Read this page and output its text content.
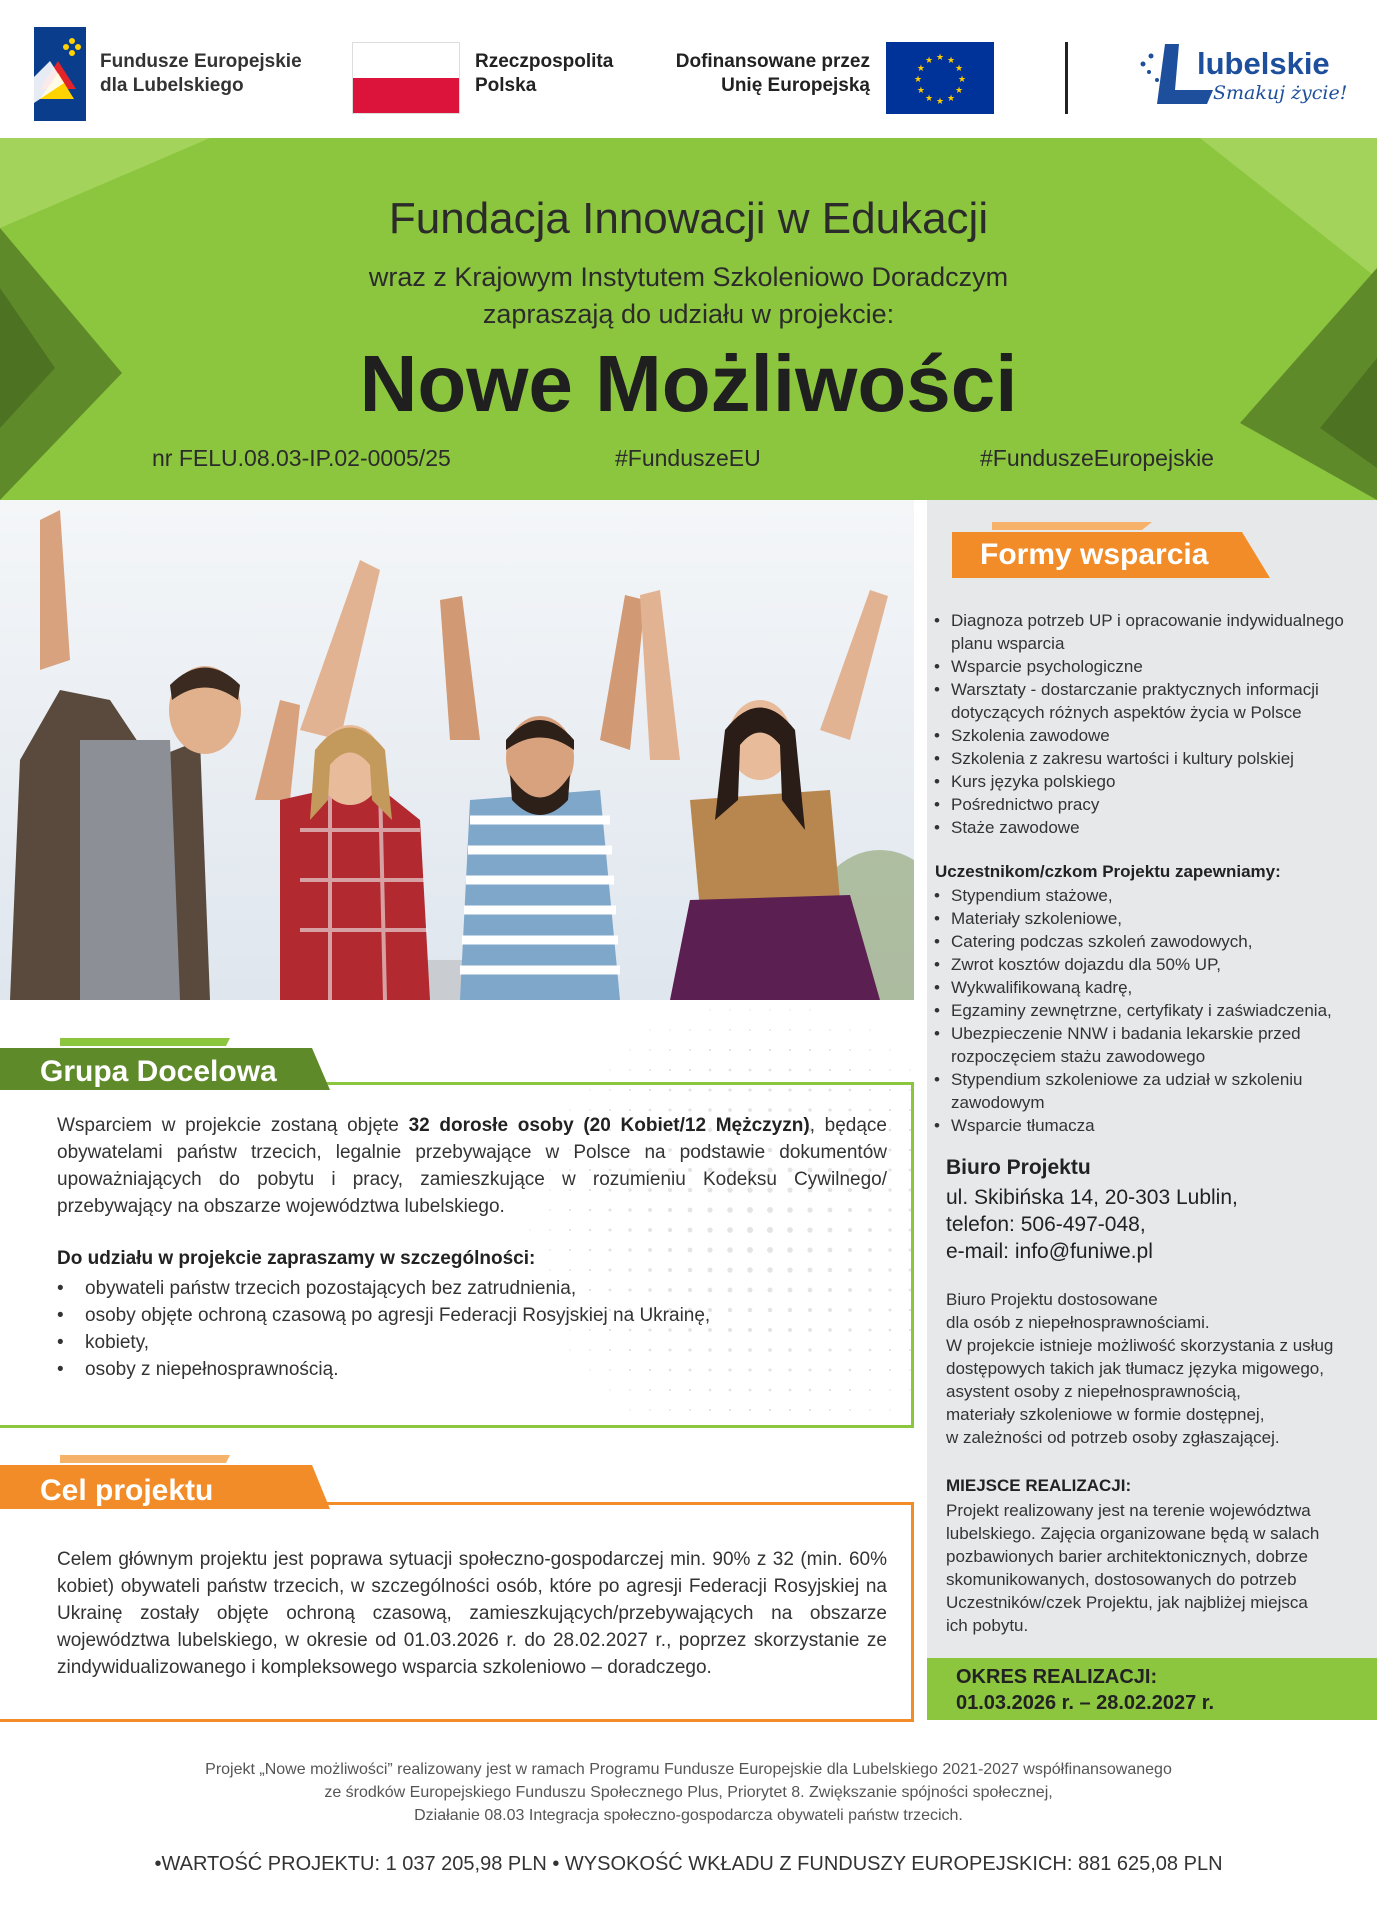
Fundusze Europejskie
dla Lubelskiego
Rzeczpospolita
Polska
Dofinansowane przez
Unię Europejską
★ ★
★
★
★
★
★
★
★
★
★
★	lubelskie
Smakuj życie!
Fundacja Innowacji w Edukacji
wraz z Krajowym Instytutem Szkoleniowo Doradczym
zapraszają do udziału w projekcie:
Nowe Możliwości
nr FELU.08.03-IP.02-0005/25	#FunduszeEU	#FunduszeEuropejskie
Formy wsparcia
• Diagnoza potrzeb UP i opracowanie indywidualnego planu wsparcia
• Wsparcie psychologiczne
• Warsztaty - dostarczanie praktycznych informacji dotyczących różnych aspektów życia w Polsce
• Szkolenia zawodowe
• Szkolenia z zakresu wartości i kultury polskiej
• Kurs języka polskiego
• Pośrednictwo pracy
• Staże zawodowe
Uczestnikom/czkom Projektu zapewniamy:
• Stypendium stażowe,
• Materiały szkoleniowe,
• Catering podczas szkoleń zawodowych,
• Zwrot kosztów dojazdu dla 50% UP,
• Wykwalifikowaną kadrę,
• Egzaminy zewnętrzne, certyfikaty i zaświadczenia,
• Ubezpieczenie NNW i badania lekarskie przed rozpoczęciem stażu zawodowego
• Stypendium szkoleniowe za udział w szkoleniu zawodowym
• Wsparcie tłumacza
Biuro Projektu
ul. Skibińska 14, 20-303 Lublin,
telefon: 506-497-048,
e-mail: info@funiwe.pl
Biuro Projektu dostosowane
dla osób z niepełnosprawnościami.
W projekcie istnieje możliwość skorzystania z usług
dostępowych takich jak tłumacz języka migowego,
asystent osoby z niepełnosprawnością,
materiały szkoleniowe w formie dostępnej,
w zależności od potrzeb osoby zgłaszającej.
MIEJSCE REALIZACJI:
Projekt realizowany jest na terenie województwa
lubelskiego. Zajęcia organizowane będą w salach
pozbawionych barier architektonicznych, dobrze
skomunikowanych, dostosowanych do potrzeb
Uczestników/czek Projektu, jak najbliżej miejsca
ich pobytu.
OKRES REALIZACJI:
01.03.2026 r. – 28.02.2027 r.
Grupa Docelowa
Wsparciem w projekcie zostaną objęte 32 dorosłe osoby (20 Kobiet/12 Mężczyzn), będące obywatelami państw trzecich, legalnie przebywające w Polsce na podstawie dokumentów upoważniających do pobytu i pracy, zamieszkujące w rozumieniu Kodeksu Cywilnego/ przebywający na obszarze województwa lubelskiego.
Do udziału w projekcie zapraszamy w szczególności:
• obywateli państw trzecich pozostających bez zatrudnienia,
• osoby objęte ochroną czasową po agresji Federacji Rosyjskiej na Ukrainę,
• kobiety,
• osoby z niepełnosprawnością.
Cel projektu
Celem głównym projektu jest poprawa sytuacji społeczno-gospodarczej min. 90% z 32 (min. 60% kobiet) obywateli państw trzecich, w szczególności osób, które po agresji Federacji Rosyjskiej na Ukrainę zostały objęte ochroną czasową, zamieszkujących/przebywających na obszarze województwa lubelskiego, w okresie od 01.03.2026 r. do 28.02.2027 r., poprzez skorzystanie ze zindywidualizowanego i kompleksowego wsparcia szkoleniowo – doradczego.
Projekt „Nowe możliwości” realizowany jest w ramach Programu Fundusze Europejskie dla Lubelskiego 2021-2027 współfinansowanego
ze środków Europejskiego Funduszu Społecznego Plus, Priorytet 8. Zwiększanie spójności społecznej,
Działanie 08.03 Integracja społeczno-gospodarcza obywateli państw trzecich.
•WARTOŚĆ PROJEKTU: 1 037 205,98 PLN • WYSOKOŚĆ WKŁADU Z FUNDUSZY EUROPEJSKICH: 881 625,08 PLN
